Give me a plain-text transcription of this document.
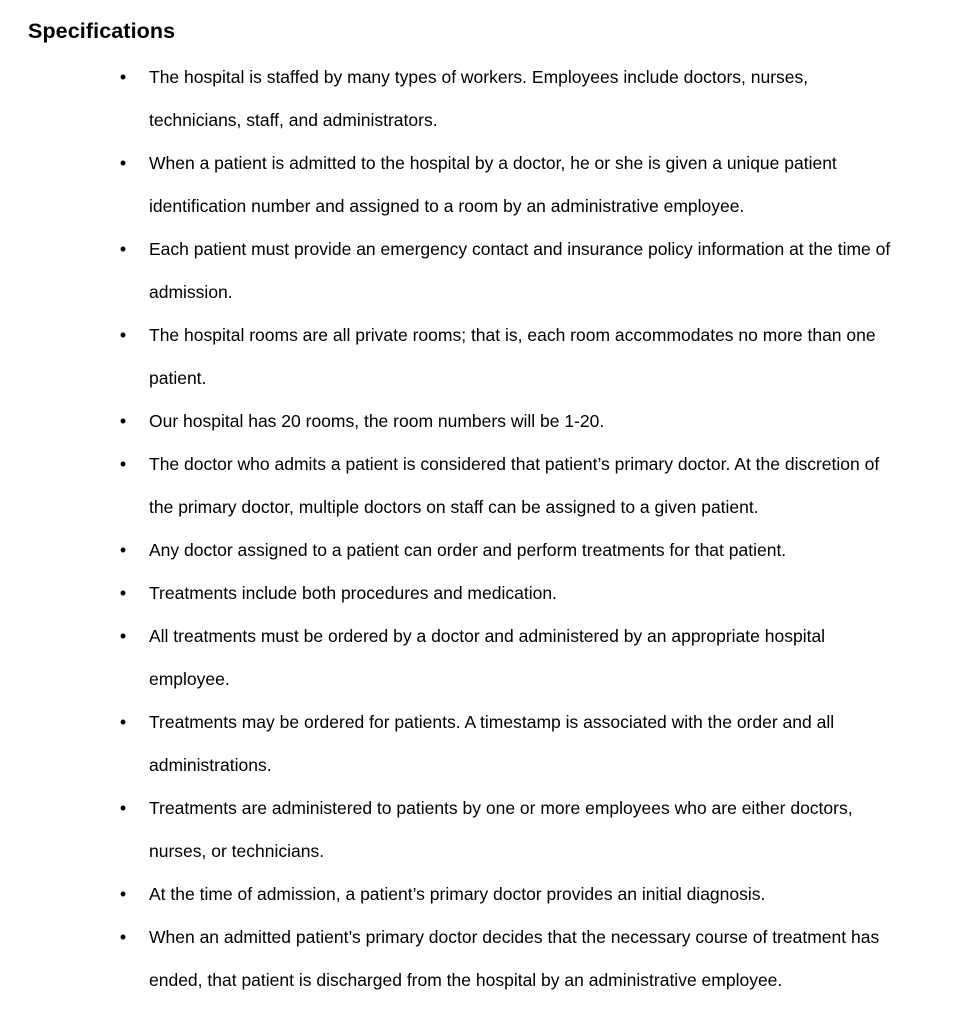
Specifications
• The hospital is staffed by many types of workers. Employees include doctors, nurses,
technicians, staff, and administrators.
• When a patient is admitted to the hospital by a doctor, he or she is given a unique patient
identification number and assigned to a room by an administrative employee.
• Each patient must provide an emergency contact and insurance policy information at the time of
admission.
• The hospital rooms are all private rooms; that is, each room accommodates no more than one
patient.
• Our hospital has 20 rooms, the room numbers will be 1-20.
• The doctor who admits a patient is considered that patient’s primary doctor. At the discretion of
the primary doctor, multiple doctors on staff can be assigned to a given patient.
• Any doctor assigned to a patient can order and perform treatments for that patient.
• Treatments include both procedures and medication.
• All treatments must be ordered by a doctor and administered by an appropriate hospital
employee.
• Treatments may be ordered for patients. A timestamp is associated with the order and all
administrations.
• Treatments are administered to patients by one or more employees who are either doctors,
nurses, or technicians.
• At the time of admission, a patient’s primary doctor provides an initial diagnosis.
• When an admitted patient’s primary doctor decides that the necessary course of treatment has
ended, that patient is discharged from the hospital by an administrative employee.
